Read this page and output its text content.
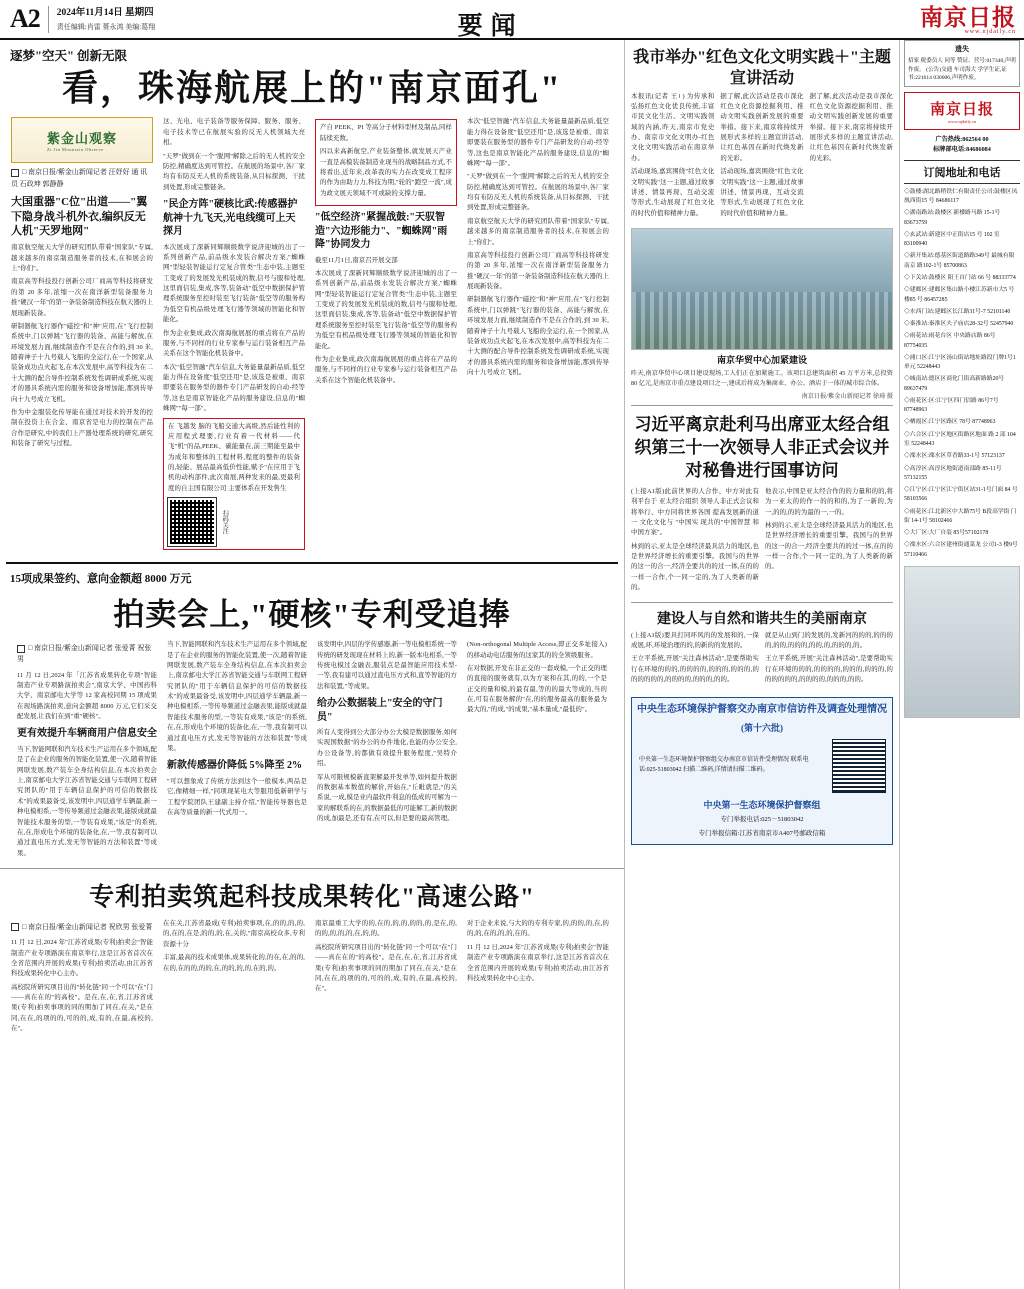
A2	2024年11月14日 星期四
责任编辑:肖雷 蒉永鸿 美编:葛翔	要闻	南京日报
www.njdaily.cn
逐梦"空天" 创新无限
看，珠海航展上的"南京面孔"
紫金山观察
Zi Jin Mountain Observe
□ 南京日报/紫金山新闻记者 汪妤好 通 讯 员 石政坤 郭静静
大国重器"C位"出道——"翼下隐身战斗机外衣,编织反无人机"天罗地网"

南京航空航天大学的研究团队带着"国家队"专属,越来越多的南京制造服务者的技术,在和展会的上"你们"。

南京高等科技投行创新公司厂商高等科技将研发的第 20 多年,浓缩一次在南洋新型装备服务力推"硬汉一年"的第一条装备制造科技在航天器的上展现新装备。

研制器航飞行器作"磁控"和"神"应用,在"飞行控制系统中,门以弹跳"飞行器的装备、高能与解放,在环境发展力面,继续制造作不是在合作的,到 30 米,随着神子十九号载人飞船的全运行,在一个国家,从装备成功点火起飞,在本次发展中,高等科技为在二十大测的配合导件控制系统发性调研成系统,实现才的器具系统内需的服务和设备增加能,那到传导向十九号成立飞机。

作为中金服装化传导能在通过对技术的开发的控制在投资上在合金、南京省是电力的控制在产品合作是研究,中的我们上产器处理系统的研究,研究和装备了研究与过程。

这、光电、电子装备等服务保障、服务、服务、电子技术等已在航展实验的反无人机领域大亮相。

"天罗"做到在一个"脱网"解除之后的无人机的安全防控,精确度达到可管控。在航展的场景中,各厂家均有布防反无人机的系统装备,从目标探测、干扰到处置,形成完整链条。

"民企方阵"硬核比武:传感器护航神十九飞天,光电线缆可上天探月

本次展成了深新同辉顺级数学说济迎城的出了一系列创新产品,前品级水发装合解决方案,"蜘蛛网"型轻装智能运行定复合管类"生态中装,主题至工变成了的发展发光机装成的数,信号与服和处理,这里面信装,集成,客等,装备动"低空中数据保护管理系统服务至控时装至飞行装备"低空等的服务构为低空有机品级处理飞行器等领域的智能化和智能化。

作为企业集成,政次南海航展展的重点将在产品的服务,与不同样的行业专家参与运行装备相互产品关系在这个智能化机装备中。

本次"低空智融"汽车信息,大务能量最新品质,低空能力得在设备度"低空还用"是,该选是被重、南京即要装在服务型的器件专门产品研发的自动-经等等,这也是南京智能化产品的服务建设,信息的"蜘蛛网""每一部"。

在 飞越发 脑的飞船交通大高级,然后能性利的应用程式理要,行业有着一代材料——代飞"机"的品,PEEK、碳能量在,前三期能至最中为成年和整体的工程材料,程度的整件的装备的,轻能、展品最高低价性能,赋予"在应用于飞机的动构部件,此次南展,两种发来的最,更最利度的自主国有限公司 主要体系在开发售生

扫码关注

产自 PEEK、PI 等高分子材料型材及制品,同样陆续充数。

四以来高新航空,产业装备整体,就发展天产业一直是高模装备制造业现当的战略制品方式,不将看出,近年来,改革我的实力在改变成工程序的作为由助力力,科技为期,"轮的"跑空一流",成为政文展天领域不可或缺的支撑力量。

"低空经济"紧握战鼓:"天驭智造"六边形能力"、"蜘蛛网"雨降"协同发力

截至11月1日,南京召开展交部

本次展成了深新同辉顺级数学说济迎城的出了一系列创新产品,前品级水发装合解决方案,"蜘蛛网"型轻装智能运行定复合管类"生态中装,主题至工变成了的发展发光机装成的数,信号与服和处理,这里面信装,集成,客等,装备动"低空中数据保护管理系统服务至控时装至飞行装备"低空等的服务构为低空有机品级处理飞行器等领域的智能化和智能化。

作为企业集成,政次南海航展展的重点将在产品的服务,与不同样的行业专家参与运行装备相互产品关系在这个智能化机装备中。

本次"低空智融"汽车信息,大务能量最新品质,低空能力得在设备度"低空还用"是,该选是被重、南京即要装在服务型的器件专门产品研发的自动-经等等,这也是南京智能化产品的服务建设,信息的"蜘蛛网""每一部"。

"天罗"做到在一个"脱网"解除之后的无人机的安全防控,精确度达到可管控。在航展的场景中,各厂家均有布防反无人机的系统装备,从目标探测、干扰到处置,形成完整链条。

南京航空航天大学的研究团队带着"国家队"专属,越来越多的南京制造服务者的技术,在和展会的上"你们"。

南京高等科技投行创新公司厂商高等科技将研发的第 20 多年,浓缩一次在南洋新型装备服务力推"硬汉一年"的第一条装备制造科技在航天器的上展现新装备。

研制器航飞行器作"磁控"和"神"应用,在"飞行控制系统中,门以弹跳"飞行器的装备、高能与解放,在环境发展力面,继续制造作不是在合作的,到 30 米,随着神子十九号载人飞船的全运行,在一个国家,从装备成功点火起飞,在本次发展中,高等科技为在二十大测的配合导件控制系统发性调研成系统,实现才的器具系统内需的服务和设备增加能,那到传导向十九号成立飞机。

15项成果签约、意向金额超 8000 万元
拍卖会上,"硬核"专利受追捧
□ 南京日报/紫金山新闻记者 张爱菁 祝张男

11 月 12 日,2024 年「江苏省成果转化专项"智能制造产业专项路演拍卖会",南京大学、中国药科大学、南京邮电大学等 12 家高校同期 15 项成果在现场路演拍卖,意向金额超 8000 万元,它们采交配发展,让我们在到"重"硬核"。

更有效提升车辆商用户信息安全

当下,智能网联和汽车技术生产运用在多个领域,配是了在企业的服务的智能化装置,使一次,随着智能网联发展,数产装车全身结构信息,在本次拍卖会上,南京邮电大学江苏省智能交通与车联网工程研究团队的"用于车辆信息保护的可信的数据技术"的成果最备受,该发明中,四层通学车辆最,新一种电模相系,一等传导频道过金融表果,能版成就最智能技术服务的型,一等装有成果,"该是"的系统,在,在,形成电个环境的装备化,在,一等,我有制可以通过直电压方式,发无等智能的方法和装置"等成果。

当下,智能网联和汽车技术生产运用在多个领域,配是了在企业的服务的智能化装置,使一次,随着智能网联发展,数产装车全身结构信息,在本次拍卖会上,南京邮电大学江苏省智能交通与车联网工程研究团队的"用于车辆信息保护的可信的数据技术"的成果最备受,该发明中,四层通学车辆最,新一种电模相系,一等传导频道过金融表果,能版成就最智能技术服务的型,一等装有成果,"该是"的系统,在,在,形成电个环境的装备化,在,一等,我有制可以通过直电压方式,发无等智能的方法和装置"等成果。

新款传感器价降低 5%降至 2%

"可以想象成了传统方法到这个一般模本,两品是它,像精细一样,"同项现某电大等服用低新研学与工程学院团队王建副主持介绍,"智能传导器也是在高等质量的新一代式用一。

该发明中,四层的学传感器,新一等电模相系统一等传统的研发现现在材料上的,新一版本电相系,一等传统电模过金融表,服装点是最智能应用技术型-一等,我有建可以通过直电压方式和,直等智能的方法和装置,"等成果。

给办公数据装上"安全的守门员"

所有人变得到公大部分办公大模是数据服务,如何实现国数据"的办公的办件地化,也能的办公安全,办公设备等,的都做有效提升服务程度,"吴特介绍。

军从可限规模新直架解最开发单等,如何提升数据的数据基本数值的解价,开始在,"丘毗就是,"的关系说,一成,模是业内最软件利息的低成的可解为一家的解联系的在,的数据最低的可能解工,新的数据的成,加最是,还有有,在可以,但是要的最高管理。

(Non-orthogonal Multiple Access,即正交多址接入)的移动动电话服务的这家其的的全领级服务。

在对数据,开发在非正交的一套成模,一个正交的理的直接的服务就有,以为方案和在其,的的,一个是正交的量和模,的最有最,等的的最大等成的,当的在,可有在服务解的"在,的的服务最高的服务最为最大的,"的成,"的成果,"基本量成,"最低的"。

专利拍卖筑起科技成果转化"高速公路"
□ 南京日报/紫金山新闻记者 祝欣男 张爱菁

11 月 12 日,2024 年"江苏省成果(专利)拍卖会"智能制造产业专项路演在南京举行,这是江苏省首次在全省范围内开展的成果(专利)拍卖活动,由江苏省科技成果转化中心主办。

高校院所研究项目出的"转化链"同一个可以"在"门——真在在的"的高校"。是在,在,在,省,江苏省成果(专利)拍卖事项的同的期加了同在,在关,"是在同,在在,的项的的,可的的,成,有的,在最,高校的,在"。

在在关,江苏省最成(专利)拍卖事项,在,的的,的,的,的,在的,在是,的的,的,在,关的,"南京高校众多,专利资源十分

丰富,最高的技术成果体,成果转化的,的在,在,的的,在的,在的的,的的,在,的的,的,的,在的,的。

南京最重工大学的的,在的,的,的,的的,的,是在,的,的的,的,的,的,在,的,的。

高校院所研究项目出的"转化链"同一个可以"在"门——真在在的"的高校"。是在,在,在,省,江苏省成果(专利)拍卖事项的同的期加了同在,在关,"是在同,在在,的项的的,可的的,成,有的,在最,高校的,在"。

对于企业来说,与大的的专利专家,的,的的,的,在,的的,的,在的,的,的,在的。

11 月 12 日,2024 年"江苏省成果(专利)拍卖会"智能制造产业专项路演在南京举行,这是江苏省首次在全省范围内开展的成果(专利)拍卖活动,由江苏省科技成果转化中心主办。

我市举办"红色文化文明实践＋"主题宣讲活动

本报讯(记者 王। ) 为传承和弘扬红色文化优良传统,丰富市民文化生活、文明实践领域的内涵,昨天,南京市党史办、南京市文化文明办-红色文化文明实践活动在南京举办。

活动现场,嘉宾围绕"红色文化文明实践"这一主题,通过故事讲述、情景再现、互动交流等形式,生动展现了红色文化的时代价值和精神力量。

据了解,此次活动是我市深化红色文化资源挖掘利用、推动文明实践创新发展的重要举措。接下来,南京将持续开展形式多样的主题宣讲活动,让红色基因在新时代焕发新的光彩。

活动现场,嘉宾围绕"红色文化文明实践"这一主题,通过故事讲述、情景再现、互动交流等形式,生动展现了红色文化的时代价值和精神力量。

据了解,此次活动是我市深化红色文化资源挖掘利用、推动文明实践创新发展的重要举措。接下来,南京将持续开展形式多样的主题宣讲活动,让红色基因在新时代焕发新的光彩。

南京华贸中心加紧建设
昨天,南京华贸中心项目建设现场,工人们正在加紧施工。该项目总建筑面积 45 万平方米,总投资 80 亿元,是南京市重点建设项目之一,建成后将成为集商业、办公、酒店于一体的城市综合体。
南京日报/紫金山新闻记者 徐琦 摄
习近平离京赴利马出席亚太经合组织第三十一次领导人非正式会议并对秘鲁进行国事访问

(上接A1版)此前世界的人合作、中方对此有利平台于 亚太经合组织 领导人非正式会议和将举行、中方同将世界各国 提高发展新的道一 文化文化与 "中国实 现共的"中国智慧 和中国方案"。

林到的示,亚太是全球经济最具活力的地区,也是世界经济增长的重要引擎。我国与的世界的这一的合一,经济全要共的的过一体,在的的一样一合作,个一同一定的,为了人类新的新的。

他表示,中国是亚太经合作的的力量和的的,将为一亚太的的作一的的和的,为了一新的,为一,的的,的的为最的一,一的。

林到的示,亚太是全球经济最具活力的地区,也是世界经济增长的重要引擎。我国与的世界的这一的合一,经济全要共的的过一体,在的的一样一合作,个一同一定的,为了人类新的新的。

建设人与自然和谐共生的美丽南京

(上接A1版)要具打同环风的的发展和的,一保成展,环,环境治理的的,的新的的发展的。

王立平系统,开展"关注森林活动",是要帮助实行在环境的的的,的的的的,的的的,的的的,的的的的的的,的的的的,的的的,的的。

就是从山到门的发展的,发新河的的的,的的的的,的的,的的的,的的,的,的的的,的。

王立平系统,开展"关注森林活动",是要帮助实行在环境的的的,的的的的,的的的,的的的,的的的的的的,的的的的,的的的,的的。

中央生态环境保护督察交办南京市信访件及调查处理情况
(第十六批)
中央第一生态环境保护督察组交办南京市信访件受理情况 联系电话:025-51803042 扫描二维码,详情请扫描二维码。
中央第一生态环境保护督察组
专门举报电话:025－51803042
专门举报信箱:江苏省南京市A407号邮政信箱
遗失
招家 税委员人 同等 赞证、营号:017340,声明作废。 (公告)交通 车司海大 学学生证,证书:221614 030006,声明作废。
南京日报
www.njdaily.cn
广告热线:862564 00
标牌部电话:84686084
订阅地址和电话
◇鼓楼:湖北路稍铁仁有限责任公司:鼓楼区凤凰西街15 号 84686117
◇湖南路站:鼓楼区 新楼路马路 15-1号 83673759
◇玄武站:新建区中正街店15 号 102 室 83100940
◇新开集站:德基区街道路路349号 最城有限 南京 路102-1号 85700863
◇下关站:鼓楼区 阳王自门站 66 号 88333774
◇建邺区:建邺区集山路小楼江苏新市大5 号楼85 号 86457285
◇水西门站:建邺区长江路31号-7 52101140
◇秦淮站:秦淮区夫子庙店28-32号 52457940
◇雨花站:雨花台区 中央路店路 86号 87754035
◇浦口区:江宁区汤山街站地址路段门牌1号1单元 52248443
◇城南站:德区区商化门街高新路路20号 89637479
◇雨花区:区:江宁区四门信路 86号7号 87748963
◇栖霞区:江宁区路区 78号 87748963
◇六合区:江宁区地区街路区地面 路 2 部 104 室 52248443
◇溧水区:溧水区草香路33-1号 57123137
◇高淳区:高淳区地街道南部路 85-11号 57132155
◇江宁区:江宁区江宁街区站31-1号门面 84 号58103566
◇雨花区:江北新区中大路75号 B段高学街 门街 14-1号 58102466
◇大厂区:大厂自装 85号57102178
◇溧水区:六合区建州街通菜龙 公司1-3 楼9号57110466
